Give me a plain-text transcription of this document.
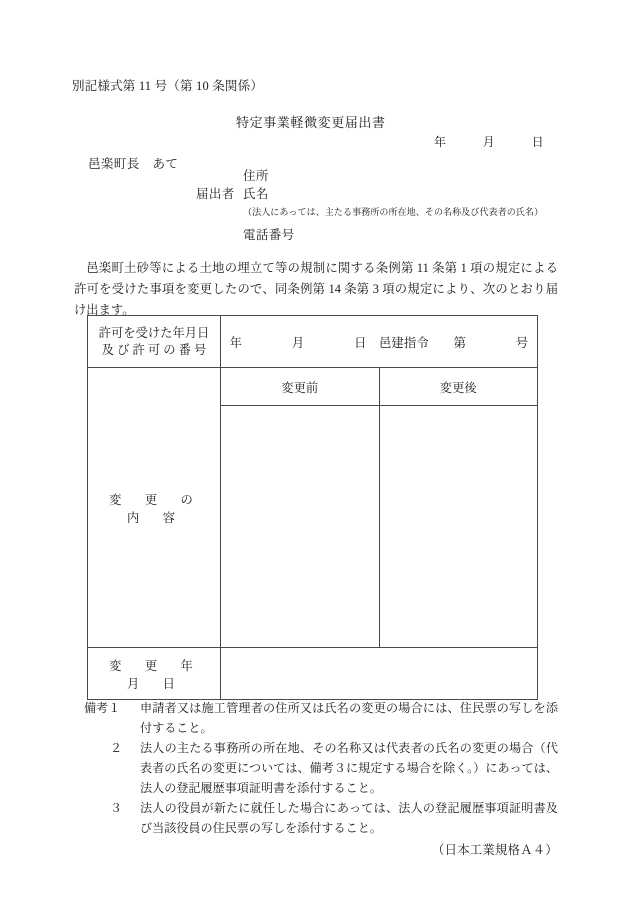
別記様式第 11 号（第 10 条関係）
特定事業軽微変更届出書
年　　　月　　　日
邑楽町長　あて
届出者
住所
氏名
（法人にあっては、主たる事務所の所在地、その名称及び代表者の氏名）
電話番号
邑楽町土砂等による土地の埋立て等の規制に関する条例第 11 条第 1 項の規定による許可を受けた事項を変更したので、同条例第 14 条第 3 項の規定により、次のとおり届け出ます。
許可を受けた年月日 及 び 許 可 の 番 号	年　　　　月　　　　日　邑建指令　　第　　　　号	
変　更　の　内　容	変更前	変更後

変　更　年　月　日		
備考１	申請者又は施工管理者の住所又は氏名の変更の場合には、住民票の写しを添付すること。
２	法人の主たる事務所の所在地、その名称又は代表者の氏名の変更の場合（代表者の氏名の変更については、備考３に規定する場合を除く。）にあっては、法人の登記履歴事項証明書を添付すること。
３	法人の役員が新たに就任した場合にあっては、法人の登記履歴事項証明書及び当該役員の住民票の写しを添付すること。
（日本工業規格Ａ４）
